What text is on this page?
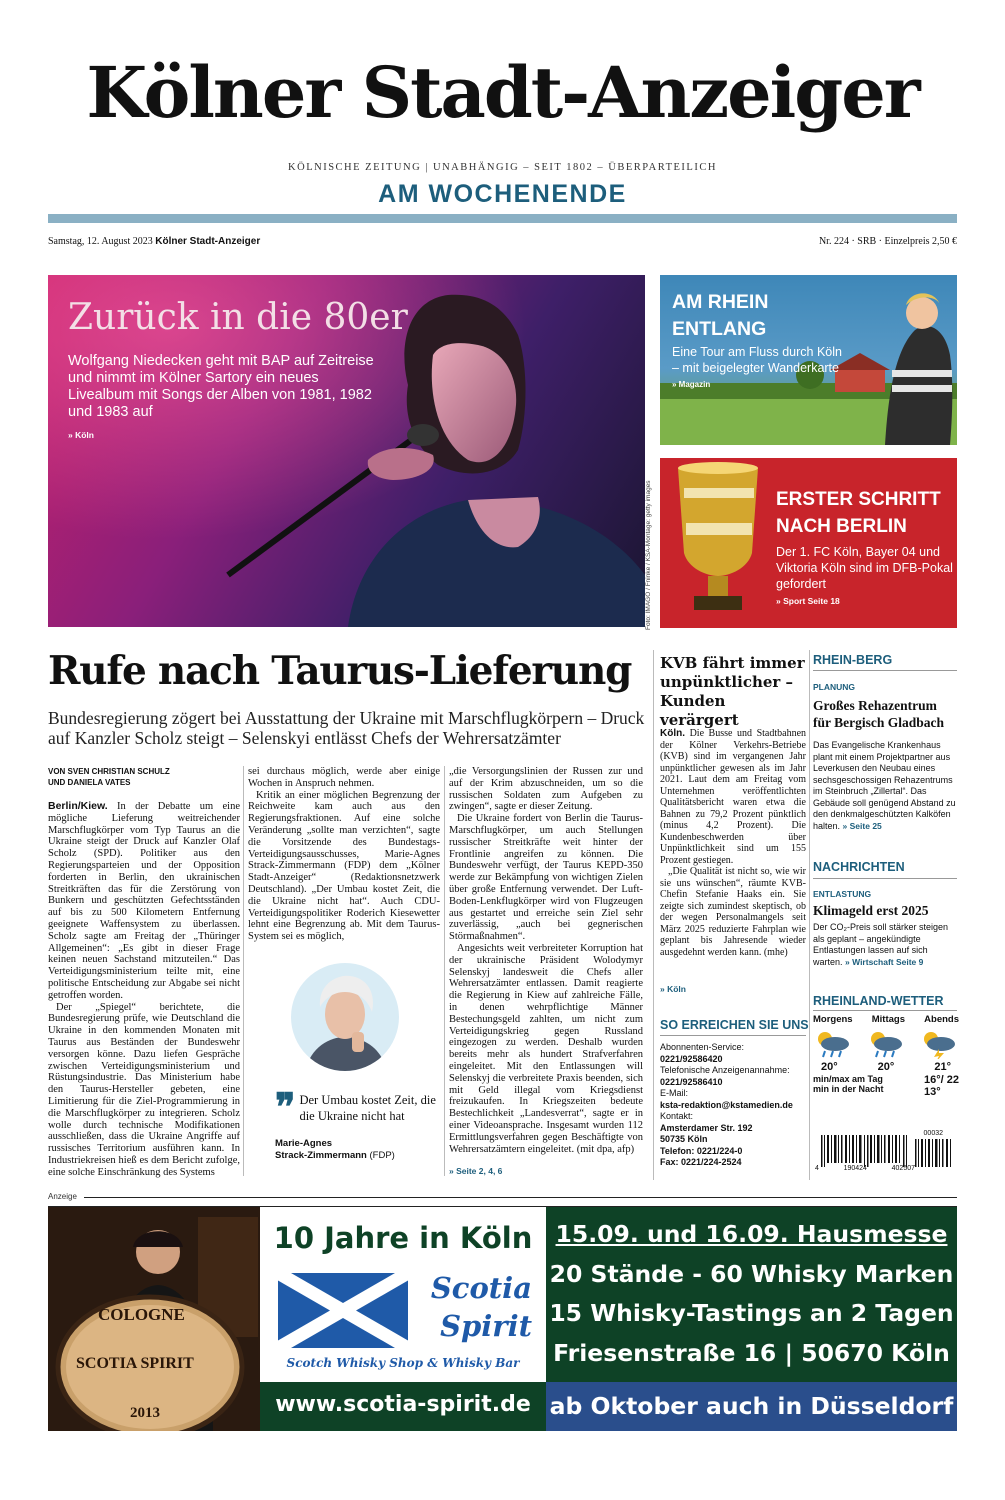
Kölner Stadt-Anzeiger
KÖLNISCHE ZEITUNG | UNABHÄNGIG – SEIT 1802 – ÜBERPARTEILICH
AM WOCHENENDE
Samstag, 12. August 2023 Kölner Stadt-Anzeiger	Nr. 224 · SRB · Einzelpreis 2,50 €
Zurück in die 80er
Wolfgang Niedecken geht mit BAP auf Zeitreise und nimmt im Kölner Sartory ein neues Livealbum mit Songs der Alben von 1981, 1982 und 1983 auf
» Köln
Foto: IMAGO / Fninke / KSA-Montage: getty images
AM RHEIN
ENTLANG
Eine Tour am Fluss durch Köln – mit beigelegter Wanderkarte » Magazin
ERSTER SCHRITT
NACH BERLIN
Der 1. FC Köln, Bayer 04 und Viktoria Köln sind im DFB-Pokal gefordert
» Sport Seite 18
Rufe nach Taurus-Lieferung
Bundesregierung zögert bei Ausstattung der Ukraine mit Marschflugkörpern – Druck auf Kanzler Scholz steigt – Selenskyi entlässt Chefs der Wehrersatzämter
VON SVEN CHRISTIAN SCHULZ
UND DANIELA VATES

Berlin/Kiew. In der Debatte um eine mögliche Lieferung weitreichender Marschflugkörper vom Typ Taurus an die Ukraine steigt der Druck auf Kanzler Olaf Scholz (SPD). Politiker aus den Regierungsparteien und der Opposition forderten in Berlin, den ukrainischen Streitkräften das für die Zerstörung von Bunkern und geschützten Gefechtsständen auf bis zu 500 Kilometern Entfernung geeignete Waffensystem zu überlassen. Scholz sagte am Freitag der „Thüringer Allgemeinen“: „Es gibt in dieser Frage keinen neuen Sachstand mitzuteilen.“ Das Verteidigungsministerium teilte mit, eine politische Entscheidung zur Abgabe sei nicht getroffen worden.

Der „Spiegel“ berichtete, die Bundesregierung prüfe, wie Deutschland die Ukraine in den kommenden Monaten mit Taurus aus Beständen der Bundeswehr versorgen könne. Dazu liefen Gespräche zwischen Verteidigungsministerium und Rüstungsindustrie. Das Ministerium habe den Taurus-Hersteller gebeten, eine Limitierung für die Ziel-Programmierung in die Marschflugkörper zu integrieren. Scholz wolle durch technische Modifikationen ausschließen, dass die Ukraine Angriffe auf russisches Territorium ausführen kann. In Industriekreisen hieß es dem Bericht zufolge, eine solche Einschränkung des Systems

sei durchaus möglich, werde aber einige Wochen in Anspruch nehmen.

Kritik an einer möglichen Begrenzung der Reichweite kam auch aus den Regierungsfraktionen. Auf eine solche Veränderung „sollte man verzichten“, sagte die Vorsitzende des Bundestags-Verteidigungsausschusses, Marie-Agnes Strack-Zimmermann (FDP) dem „Kölner Stadt-Anzeiger“ (Redaktionsnetzwerk Deutschland). „Der Umbau kostet Zeit, die die Ukraine nicht hat“. Auch CDU-Verteidigungspolitiker Roderich Kiesewetter lehnt eine Begrenzung ab. Mit dem Taurus-System sei es möglich,

„die Versorgungslinien der Russen zur und auf der Krim abzuschneiden, um so die russischen Soldaten zum Aufgeben zu zwingen“, sagte er dieser Zeitung.

Die Ukraine fordert von Berlin die Taurus-Marschflugkörper, um auch Stellungen russischer Streitkräfte weit hinter der Frontlinie angreifen zu können. Die Bundeswehr verfügt, der Taurus KEPD-350 werde zur Bekämpfung von wichtigen Zielen über große Entfernung verwendet. Der Luft-Boden-Lenkflugkörper wird von Flugzeugen aus gestartet und erreiche sein Ziel sehr zuverlässig, „auch bei gegnerischen Störmaßnahmen“.

Angesichts weit verbreiteter Korruption hat der ukrainische Präsident Wolodymyr Selenskyj landesweit die Chefs aller Wehrersatzämter entlassen. Damit reagierte die Regierung in Kiew auf zahlreiche Fälle, in denen wehrpflichtige Männer Bestechungsgeld zahlten, um nicht zum Verteidigungskrieg gegen Russland eingezogen zu werden. Deshalb wurden bereits mehr als hundert Strafverfahren eingeleitet. Mit den Entlassungen will Selenskyj die verbreitete Praxis beenden, sich mit Geld illegal vom Kriegsdienst freizukaufen. In Kriegszeiten bedeute Bestechlichkeit „Landesverrat“, sagte er in einer Videoansprache. Insgesamt wurden 112 Ermittlungsverfahren gegen Beschäftigte von Wehrersatzämtern eingeleitet. (mit dpa, afp)

» Seite 2, 4, 6
❞ Der Umbau kostet Zeit, die die Ukraine nicht hat
Marie-Agnes
Strack-Zimmermann (FDP)
KVB fährt immer unpünktlicher – Kunden verärgert

Köln. Die Busse und Stadtbahnen der Kölner Verkehrs-Betriebe (KVB) sind im vergangenen Jahr unpünktlicher gewesen als im Jahr 2021. Laut dem am Freitag vom Unternehmen veröffentlichten Qualitätsbericht waren etwa die Bahnen zu 79,2 Prozent pünktlich (minus 4,2 Prozent). Die Kundenbeschwerden über Unpünktlichkeit sind um 155 Prozent gestiegen.

„Die Qualität ist nicht so, wie wir sie uns wünschen“, räumte KVB-Chefin Stefanie Haaks ein. Sie zeigte sich zumindest skeptisch, ob der wegen Personalmangels seit März 2025 reduzierte Fahrplan wie geplant bis Jahresende wieder ausgedehnt werden kann. (mhe)

» Köln
SO ERREICHEN SIE UNS
Abonnenten-Service:
0221/92586420
Telefonische Anzeigenannahme:
0221/92586410
E-Mail:
ksta-redaktion@kstamedien.de
Kontakt:
Amsterdamer Str. 192
50735 Köln
Telefon: 0221/224-0
Fax: 0221/224-2524
RHEIN-BERG
PLANUNG
Großes Rehazentrum für Bergisch Gladbach
Das Evangelische Krankenhaus plant mit einem Projektpartner aus Leverkusen den Neubau eines sechsgeschossigen Rehazentrums im Steinbruch „Zillertal“. Das Gebäude soll genügend Abstand zu den denkmalgeschützten Kalköfen halten. » Seite 25
NACHRICHTEN
ENTLASTUNG
Klimageld erst 2025
Der CO₂-Preis soll stärker steigen als geplant – angekündigte Entlastungen lassen auf sich warten. » Wirtschaft Seite 9
RHEINLAND-WETTER
Morgens Mittags Abends
20°	20°	21°
min/max am Tag
min in der Nacht
16°/ 22
13°
00032
4	190424	402507
Anzeige
COLOGNE
SCOTIA SPIRIT
2013
10 Jahre in Köln
Scotia
Spirit
Scotch Whisky Shop & Whisky Bar
www.scotia-spirit.de
15.09. und 16.09. Hausmesse
20 Stände - 60 Whisky Marken
15 Whisky-Tastings an 2 Tagen
Friesenstraße 16 | 50670 Köln
ab Oktober auch in Düsseldorf
